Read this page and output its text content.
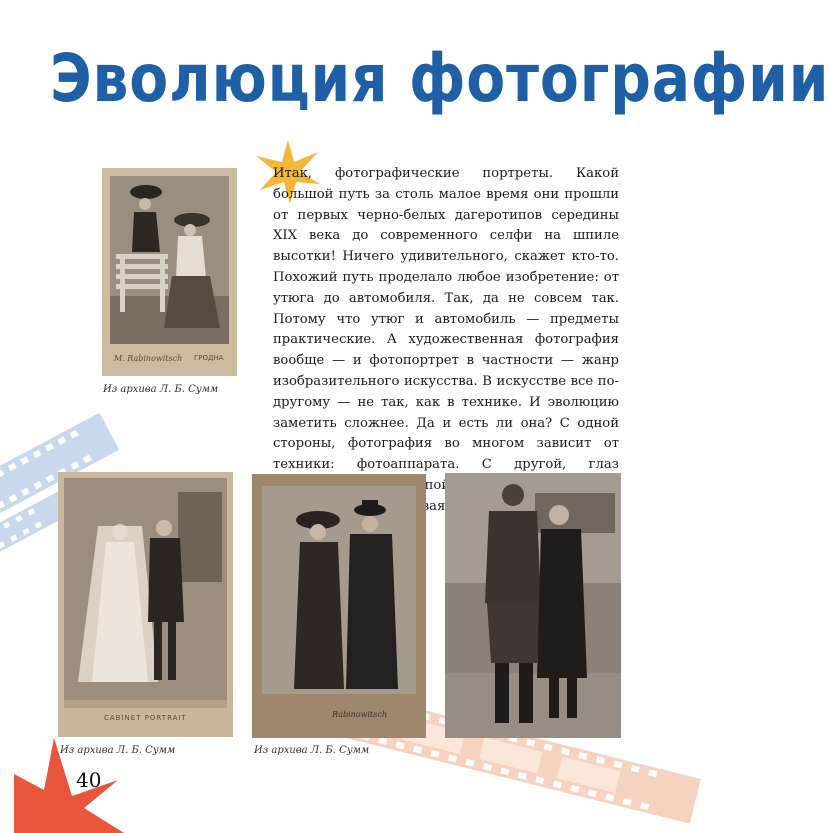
Эволюция фотографии
Итак, фотографические портреты. Какой большой путь за столь малое время они прошли от первых черно-белых дагеротипов середины XIX века до современного селфи на шпиле высотки! Ничего удивительного, скажет кто-то. Похожий путь проделало любое изобретение: от утюга до автомобиля. Так, да не совсем так. Потому что утюг и автомобиль — предметы практические. А художественная фотография вообще — и фотопортрет в частности — жанр изобразительного искусства. В искусстве все по-другому — не так, как в технике. И эволюцию заметить сложнее. Да и есть ли она? С одной стороны, фотография во многом зависит от техники: фотоаппарата. С другой, глаз
M. Rabinowitsch ГРОДНА
Из архива Л. Б. Сумм
CABINET PORTRAIT
Из архива Л. Б. Сумм
Rabinowitsch
Из архива Л. Б. Сумм
40
